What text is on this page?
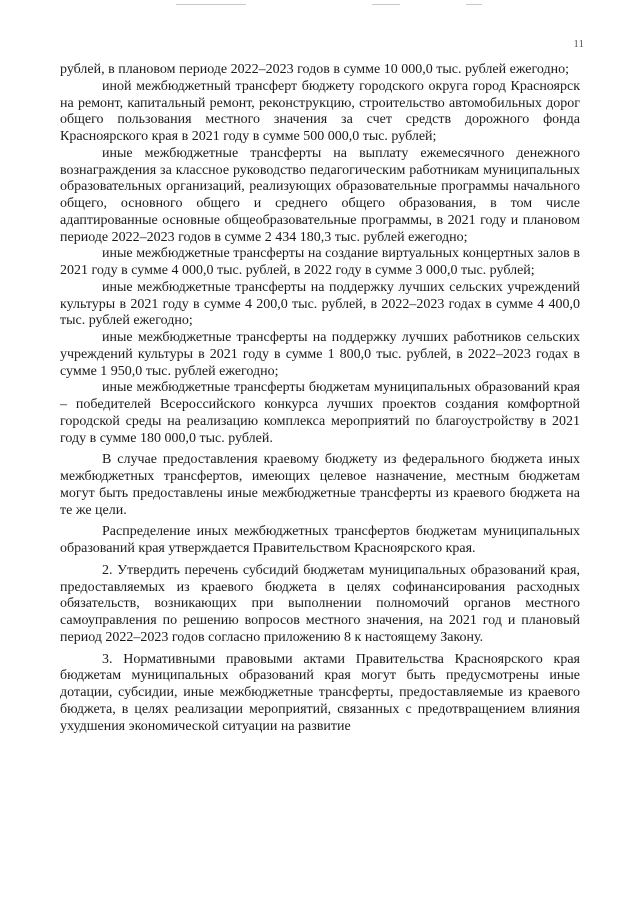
11

рублей, в плановом периоде 2022–2023 годов в сумме 10 000,0 тыс. рублей ежегодно;

иной межбюджетный трансферт бюджету городского округа город Красноярск на ремонт, капитальный ремонт, реконструкцию, строительство автомобильных дорог общего пользования местного значения за счет средств дорожного фонда Красноярского края в 2021 году в сумме 500 000,0 тыс. рублей;

иные межбюджетные трансферты на выплату ежемесячного денежного вознаграждения за классное руководство педагогическим работникам муниципальных образовательных организаций, реализующих образовательные программы начального общего, основного общего и среднего общего образования, в том числе адаптированные основные общеобразовательные программы, в 2021 году и плановом периоде 2022–2023 годов в сумме 2 434 180,3 тыс. рублей ежегодно;

иные межбюджетные трансферты на создание виртуальных концертных залов в 2021 году в сумме 4 000,0 тыс. рублей, в 2022 году в сумме 3 000,0 тыс. рублей;

иные межбюджетные трансферты на поддержку лучших сельских учреждений культуры в 2021 году в сумме 4 200,0 тыс. рублей, в 2022–2023 годах в сумме 4 400,0 тыс. рублей ежегодно;

иные межбюджетные трансферты на поддержку лучших работников сельских учреждений культуры в 2021 году в сумме 1 800,0 тыс. рублей, в 2022–2023 годах в сумме 1 950,0 тыс. рублей ежегодно;

иные межбюджетные трансферты бюджетам муниципальных образований края – победителей Всероссийского конкурса лучших проектов создания комфортной городской среды на реализацию комплекса мероприятий по благоустройству в 2021 году в сумме 180 000,0 тыс. рублей.

В случае предоставления краевому бюджету из федерального бюджета иных межбюджетных трансфертов, имеющих целевое назначение, местным бюджетам могут быть предоставлены иные межбюджетные трансферты из краевого бюджета на те же цели.

Распределение иных межбюджетных трансфертов бюджетам муниципальных образований края утверждается Правительством Красноярского края.

2. Утвердить перечень субсидий бюджетам муниципальных образований края, предоставляемых из краевого бюджета в целях софинансирования расходных обязательств, возникающих при выполнении полномочий органов местного самоуправления по решению вопросов местного значения, на 2021 год и плановый период 2022–2023 годов согласно приложению 8 к настоящему Закону.

3. Нормативными правовыми актами Правительства Красноярского края бюджетам муниципальных образований края могут быть предусмотрены иные дотации, субсидии, иные межбюджетные трансферты, предоставляемые из краевого бюджета, в целях реализации мероприятий, связанных с предотвращением влияния ухудшения экономической ситуации на развитие
